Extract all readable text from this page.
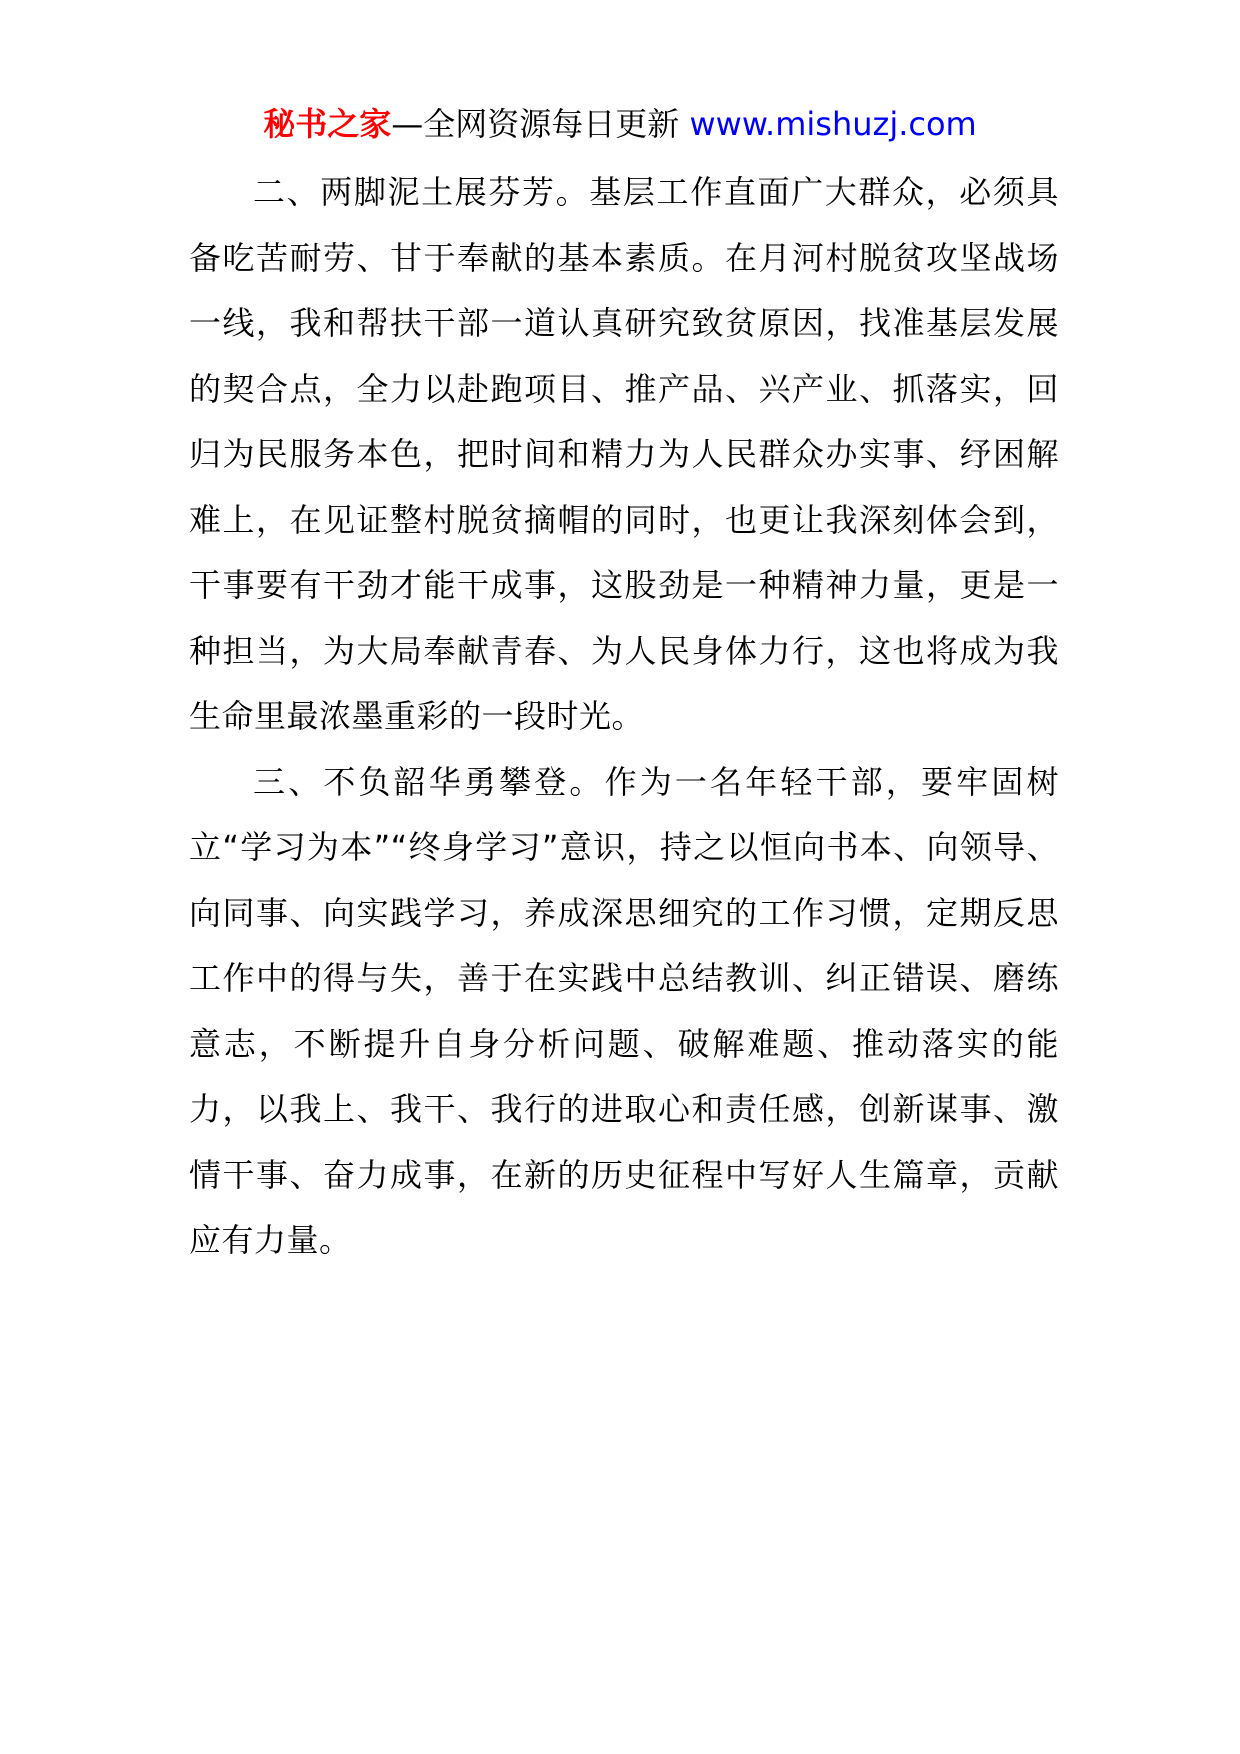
秘书之家—全网资源每日更新 www.mishuzj.com

二、两脚泥土展芬芳。基层工作直面广大群众，必须具备吃苦耐劳、甘于奉献的基本素质。在月河村脱贫攻坚战场一线，我和帮扶干部一道认真研究致贫原因，找准基层发展的契合点，全力以赴跑项目、推产品、兴产业、抓落实，回归为民服务本色，把时间和精力为人民群众办实事、纾困解难上，在见证整村脱贫摘帽的同时，也更让我深刻体会到，干事要有干劲才能干成事，这股劲是一种精神力量，更是一种担当，为大局奉献青春、为人民身体力行，这也将成为我生命里最浓墨重彩的一段时光。

三、不负韶华勇攀登。作为一名年轻干部，要牢固树立“学习为本”“终身学习”意识，持之以恒向书本、向领导、向同事、向实践学习，养成深思细究的工作习惯，定期反思工作中的得与失，善于在实践中总结教训、纠正错误、磨练意志，不断提升自身分析问题、破解难题、推动落实的能力，以我上、我干、我行的进取心和责任感，创新谋事、激情干事、奋力成事，在新的历史征程中写好人生篇章，贡献应有力量。
